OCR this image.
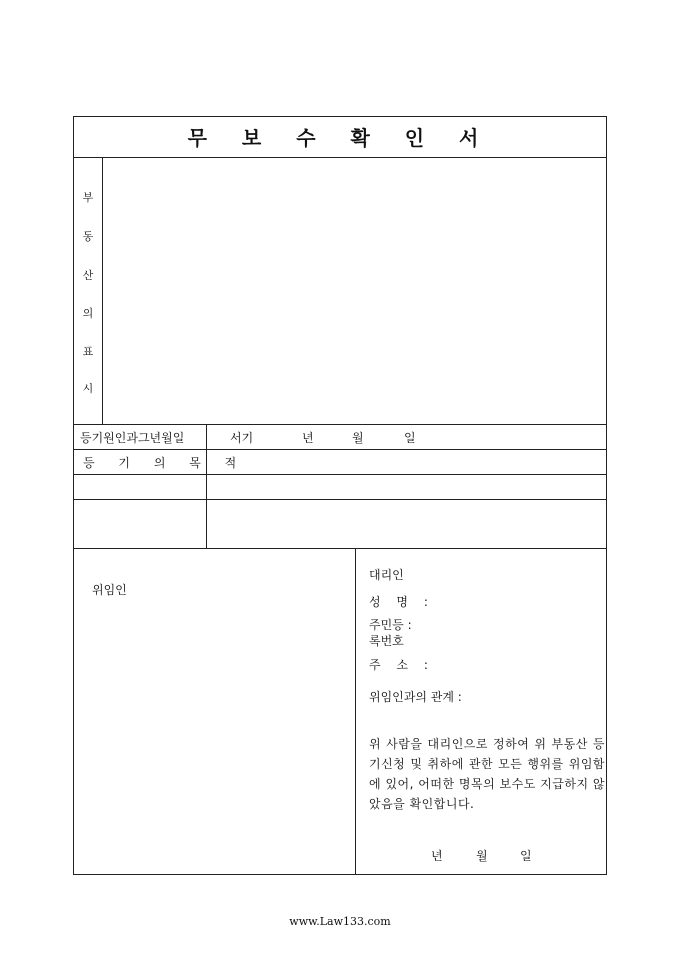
무 보 수 확 인 서
부
동
산
의
표
시
등기원인과그년월일	서기	년	월	일
등 기 의 목 적
위임인
대리인
성 명 :
주민등 :
록번호
주 소 :
위임인과의 관계 :
위 사람을 대리인으로 정하여 위 부동산 등기신청 및 취하에 관한 모든 행위를 위임함에 있어, 어떠한 명목의 보수도 지급하지 않았음을 확인합니다.
년	월	일
www.Law133.com
